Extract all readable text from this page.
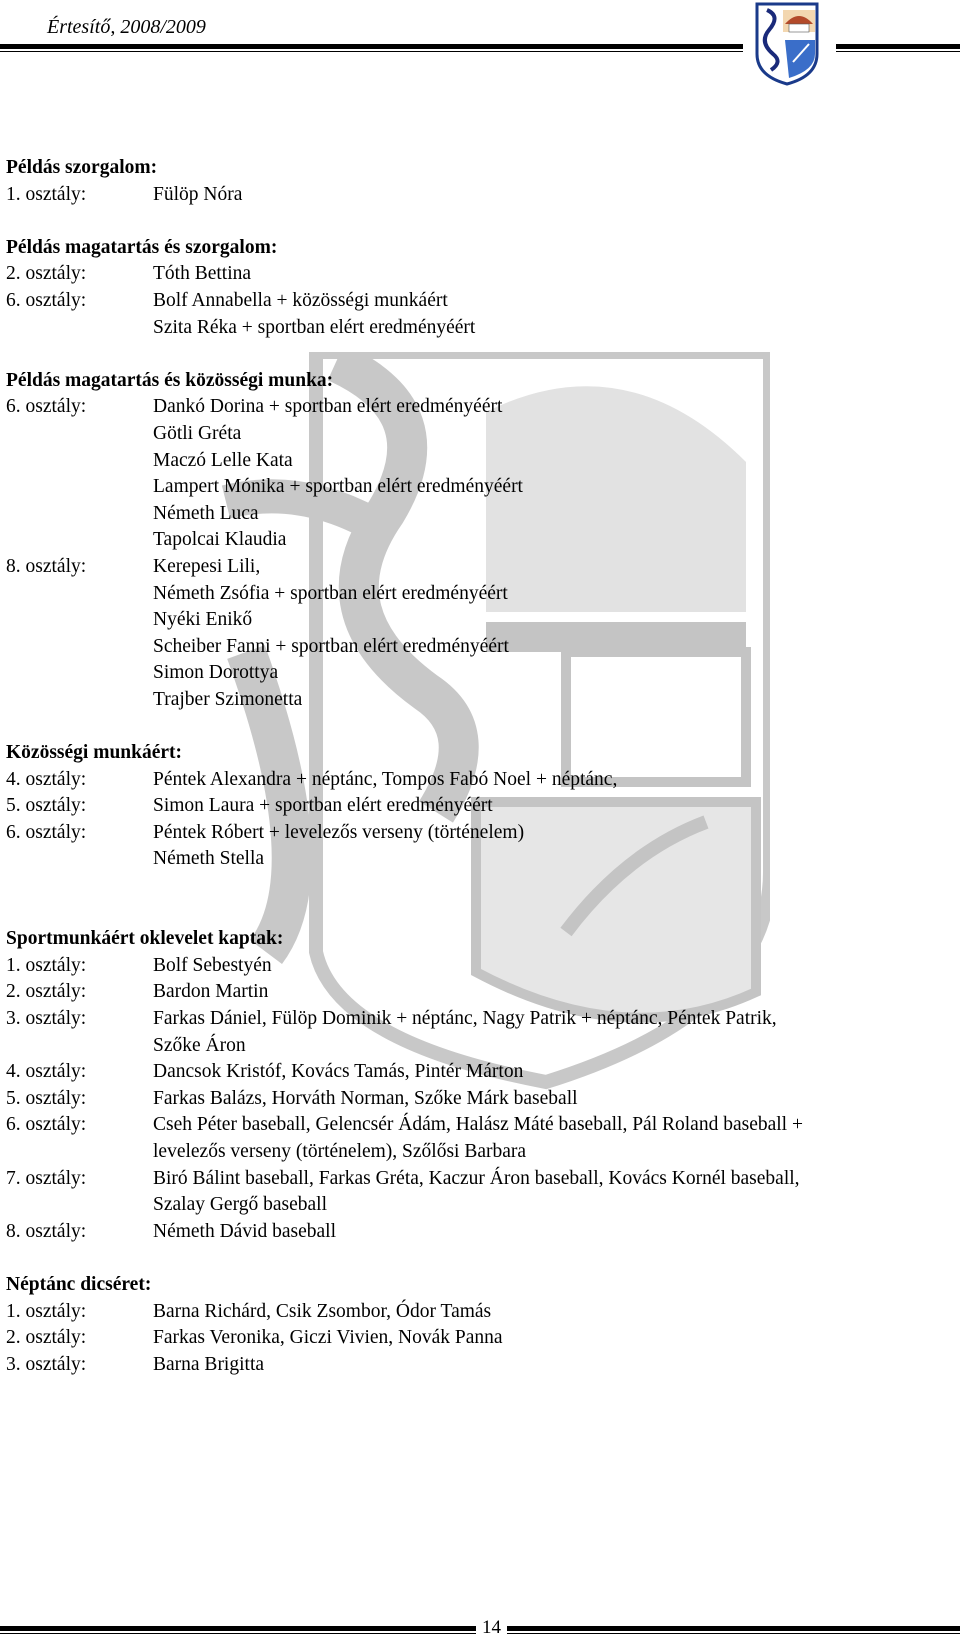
Értesítő, 2008/2009
Példás szorgalom:
1. osztály:	Fülöp Nóra
Példás magatartás és szorgalom:
2. osztály:	Tóth Bettina
6. osztály:	Bolf Annabella + közösségi munkáért
Szita Réka + sportban elért eredményéért
Példás magatartás és közösségi munka:
6. osztály:	Dankó Dorina + sportban elért eredményéért
Götli Gréta
Maczó Lelle Kata
Lampert Mónika + sportban elért eredményéért
Németh Luca
Tapolcai Klaudia
8. osztály:	Kerepesi Lili,
Németh Zsófia + sportban elért eredményéért
Nyéki Enikő
Scheiber Fanni + sportban elért eredményéért
Simon Dorottya
Trajber Szimonetta
Közösségi munkáért:
4. osztály:	Péntek Alexandra + néptánc, Tompos Fabó Noel + néptánc,
5. osztály:	Simon Laura + sportban elért eredményéért
6. osztály:	Péntek Róbert + levelezős verseny (történelem)
Németh Stella
Sportmunkáért oklevelet kaptak:
1. osztály:	Bolf Sebestyén
2. osztály:	Bardon Martin
3. osztály:	Farkas Dániel, Fülöp Dominik + néptánc, Nagy Patrik + néptánc, Péntek Patrik,
Szőke Áron
4. osztály:	Dancsok Kristóf, Kovács Tamás, Pintér Márton
5. osztály:	Farkas Balázs, Horváth Norman, Szőke Márk baseball
6. osztály:	Cseh Péter baseball, Gelencsér Ádám, Halász Máté baseball, Pál Roland baseball +
levelezős verseny (történelem), Szőlősi Barbara
7. osztály:	Biró Bálint baseball, Farkas Gréta, Kaczur Áron baseball, Kovács Kornél baseball,
Szalay Gergő baseball
8. osztály:	Németh Dávid baseball
Néptánc dicséret:
1. osztály:	Barna Richárd, Csik Zsombor, Ódor Tamás
2. osztály:	Farkas Veronika, Giczi Vivien, Novák Panna
3. osztály:	Barna Brigitta
14
